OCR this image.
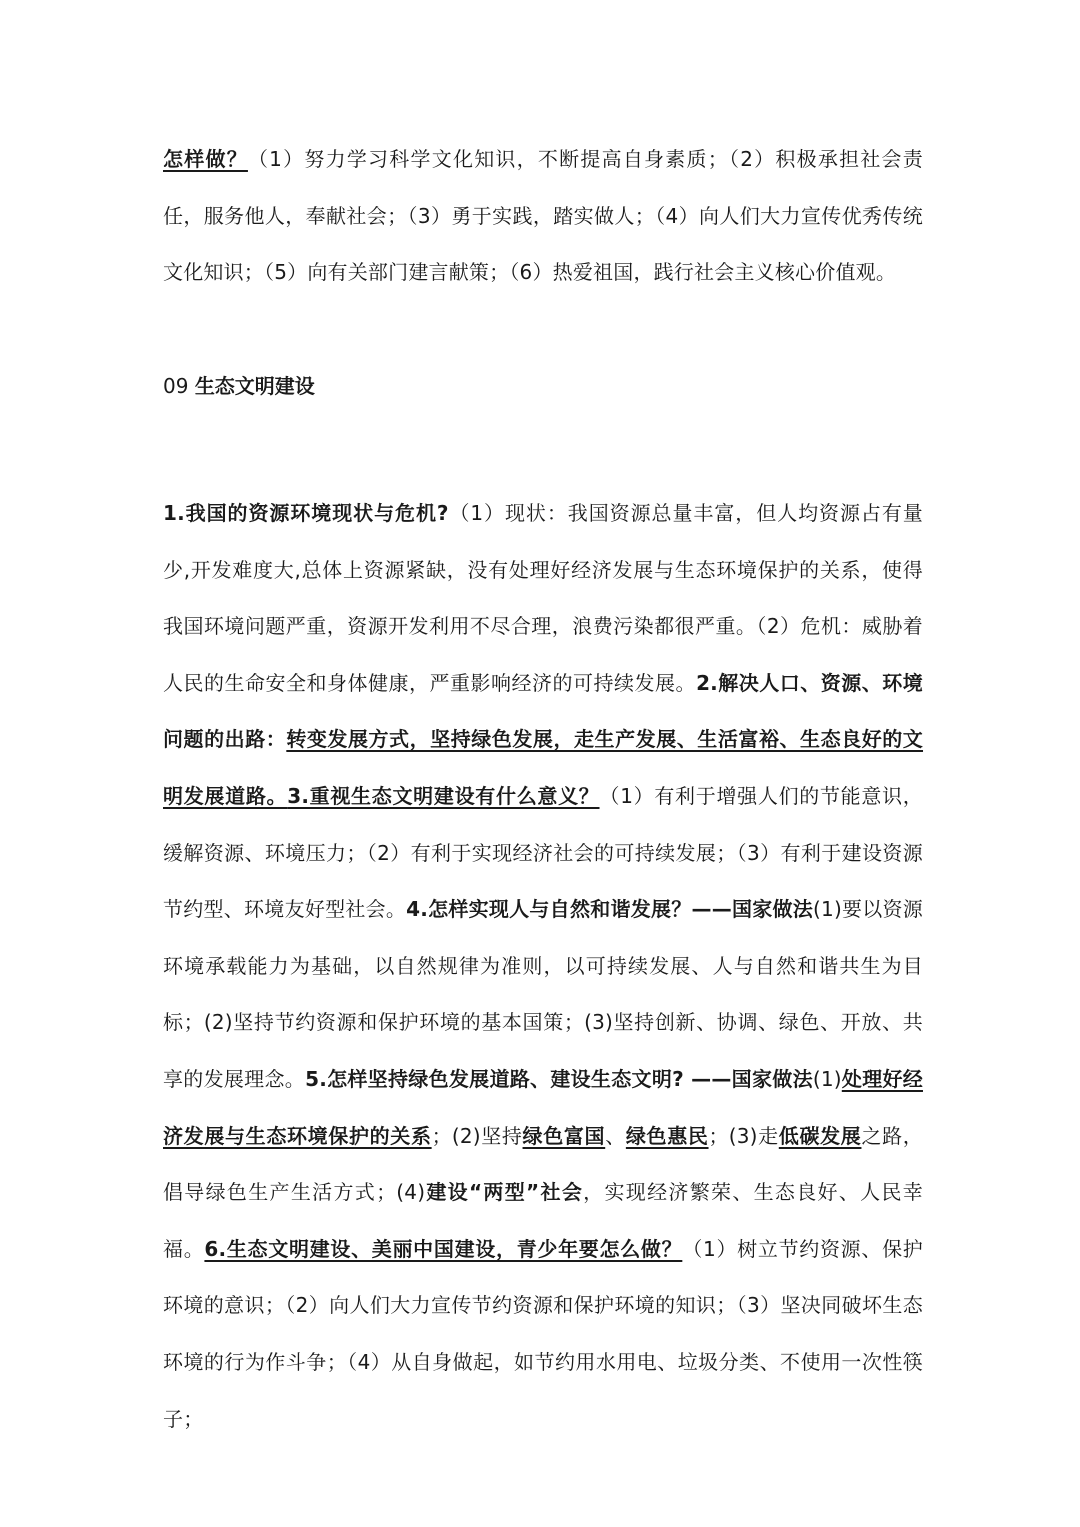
怎样做？（1）努力学习科学文化知识，不断提高自身素质；（2）积极承担社会责任，服务他人，奉献社会；（3）勇于实践，踏实做人；（4）向人们大力宣传优秀传统文化知识；（5）向有关部门建言献策；（6）热爱祖国，践行社会主义核心价值观。

09 生态文明建设

1.我国的资源环境现状与危机?（1）现状：我国资源总量丰富，但人均资源占有量少,开发难度大,总体上资源紧缺，没有处理好经济发展与生态环境保护的关系，使得我国环境问题严重，资源开发利用不尽合理，浪费污染都很严重。（2）危机：威胁着人民的生命安全和身体健康，严重影响经济的可持续发展。2.解决人口、资源、环境问题的出路：转变发展方式，坚持绿色发展，走生产发展、生活富裕、生态良好的文明发展道路。3.重视生态文明建设有什么意义？（1）有利于增强人们的节能意识，缓解资源、环境压力；（2）有利于实现经济社会的可持续发展；（3）有利于建设资源节约型、环境友好型社会。4.怎样实现人与自然和谐发展？——国家做法(1)要以资源环境承载能力为基础，以自然规律为准则，以可持续发展、人与自然和谐共生为目标；(2)坚持节约资源和保护环境的基本国策；(3)坚持创新、协调、绿色、开放、共享的发展理念。5.怎样坚持绿色发展道路、建设生态文明? ——国家做法(1)处理好经济发展与生态环境保护的关系；(2)坚持绿色富国、绿色惠民；(3)走低碳发展之路，倡导绿色生产生活方式；(4)建设“两型”社会，实现经济繁荣、生态良好、人民幸福。6.生态文明建设、美丽中国建设，青少年要怎么做？（1）树立节约资源、保护环境的意识；（2）向人们大力宣传节约资源和保护环境的知识；（3）坚决同破坏生态环境的行为作斗争；（4）从自身做起，如节约用水用电、垃圾分类、不使用一次性筷子；
